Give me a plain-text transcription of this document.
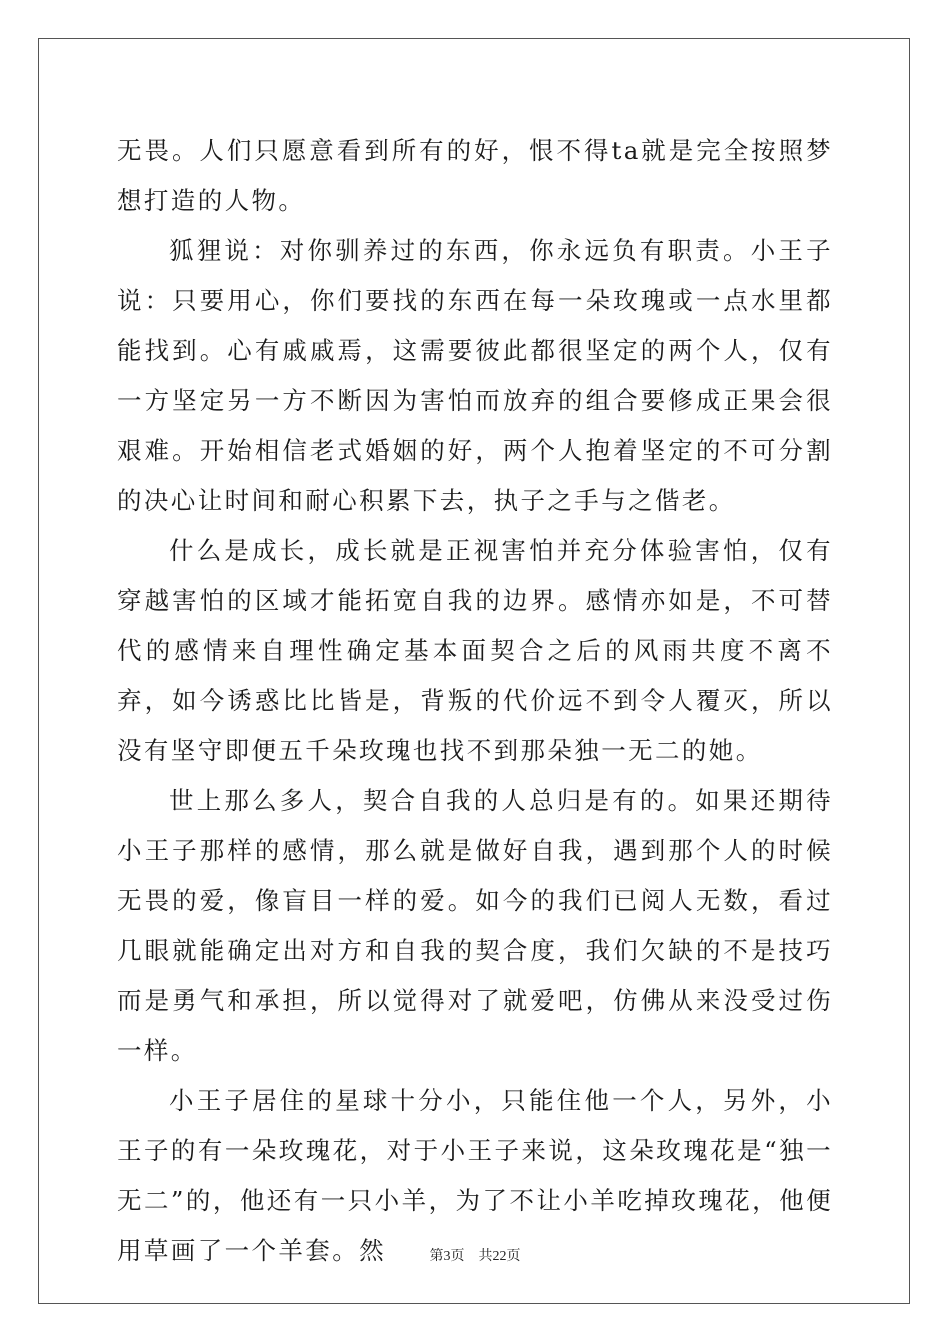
无畏。人们只愿意看到所有的好，恨不得ta就是完全按照梦想打造的人物。

狐狸说：对你驯养过的东西，你永远负有职责。小王子说：只要用心，你们要找的东西在每一朵玫瑰或一点水里都能找到。心有戚戚焉，这需要彼此都很坚定的两个人，仅有一方坚定另一方不断因为害怕而放弃的组合要修成正果会很艰难。开始相信老式婚姻的好，两个人抱着坚定的不可分割的决心让时间和耐心积累下去，执子之手与之偕老。

什么是成长，成长就是正视害怕并充分体验害怕，仅有穿越害怕的区域才能拓宽自我的边界。感情亦如是，不可替代的感情来自理性确定基本面契合之后的风雨共度不离不弃，如今诱惑比比皆是，背叛的代价远不到令人覆灭，所以没有坚守即便五千朵玫瑰也找不到那朵独一无二的她。

世上那么多人，契合自我的人总归是有的。如果还期待小王子那样的感情，那么就是做好自我，遇到那个人的时候无畏的爱，像盲目一样的爱。如今的我们已阅人无数，看过几眼就能确定出对方和自我的契合度，我们欠缺的不是技巧而是勇气和承担，所以觉得对了就爱吧，仿佛从来没受过伤一样。

小王子居住的星球十分小，只能住他一个人，另外，小王子的有一朵玫瑰花，对于小王子来说，这朵玫瑰花是“独一无二”的，他还有一只小羊，为了不让小羊吃掉玫瑰花，他便用草画了一个羊套。然	第3页 共22页
